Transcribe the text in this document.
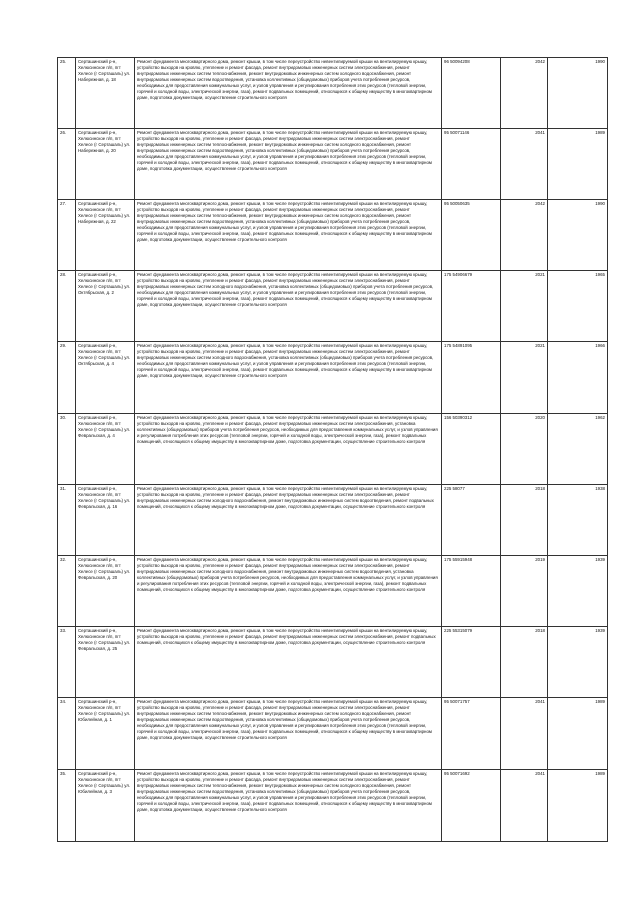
25.	Серташинский р-н, Хелюсинское п/п, пгт Хелесе (г Серташаль) ул. Набережная, д. 18	Ремонт фундамента многоквартирного дома, ремонт крыши, в том числе переустройство невентилируемой крыши на вентилируемую крышу, устройство выходов на кровлю, утепление и ремонт фасада, ремонт внутридомовых инженерных систем электроснабжения, ремонт внутридомовых инженерных систем теплоснабжения, ремонт внутридомовых инженерных систем холодного водоснабжения, ремонт внутридомовых инженерных систем водоотведения, установка коллективных (общедомовых) приборов учета потребления ресурсов, необходимых для предоставления коммунальных услуг, и узлов управления и регулирования потребления этих ресурсов (тепловой энергии, горячей и холодной воды, электрической энергии, газа), ремонт подвальных помещений, относящихся к общему имуществу в многоквартирном доме, подготовка документации, осуществление строительного контроля	96 50094208	2042	1990
26.	Серташинский р-н, Хелюсинское п/п, пгт Хелесе (г Серташаль) ул. Набережная, д. 20	Ремонт фундамента многоквартирного дома, ремонт крыши, в том числе переустройство невентилируемой крыши на вентилируемую крышу, устройство выходов на кровлю, утепление и ремонт фасада, ремонт внутридомовых инженерных систем электроснабжения, ремонт внутридомовых инженерных систем теплоснабжения, ремонт внутридомовых инженерных систем холодного водоснабжения, ремонт внутридомовых инженерных систем водоотведения, установка коллективных (общедомовых) приборов учета потребления ресурсов, необходимых для предоставления коммунальных услуг, и узлов управления и регулирования потребления этих ресурсов (тепловой энергии, горячей и холодной воды, электрической энергии, газа), ремонт подвальных помещений, относящихся к общему имуществу в многоквартирном доме, подготовка документации, осуществление строительного контроля	95 50071146	2041	1989
27.	Серташинский р-н, Хелюсинское п/п, пгт Хелесе (г Серташаль) ул. Набережная, д. 22	Ремонт фундамента многоквартирного дома, ремонт крыши, в том числе переустройство невентилируемой крыши на вентилируемую крышу, устройство выходов на кровлю, утепление и ремонт фасада, ремонт внутридомовых инженерных систем электроснабжения, ремонт внутридомовых инженерных систем теплоснабжения, ремонт внутридомовых инженерных систем холодного водоснабжения, ремонт внутридомовых инженерных систем водоотведения, установка коллективных (общедомовых) приборов учета потребления ресурсов, необходимых для предоставления коммунальных услуг, и узлов управления и регулирования потребления этих ресурсов (тепловой энергии, горячей и холодной воды, электрической энергии, газа), ремонт подвальных помещений, относящихся к общему имуществу в многоквартирном доме, подготовка документации, осуществление строительного контроля	95 50050635	2042	1990
28.	Серташинский р-н, Хелюсинское п/п, пгт Хелесе (г Серташаль) ул. Октябрьская, д. 2	Ремонт фундамента многоквартирного дома, ремонт крыши, в том числе переустройство невентилируемой крыши на вентилируемую крышу, устройство выходов на кровлю, утепление и ремонт фасада, ремонт внутридомовых инженерных систем электроснабжения, ремонт внутридомовых инженерных систем холодного водоснабжения, установка коллективных (общедомовых) приборов учета потребления ресурсов, необходимых для предоставления коммунальных услуг, и узлов управления и регулирования потребления этих ресурсов (тепловой энергии, горячей и холодной воды, электрической энергии, газа), ремонт подвальных помещений, относящихся к общему имуществу в многоквартирном доме, подготовка документации, осуществление строительного контроля	175 54906679	2021	1965
29.	Серташинский р-н, Хелюсинское п/п, пгт Хелесе (г Серташаль) ул. Октябрьская, д. 4	Ремонт фундамента многоквартирного дома, ремонт крыши, в том числе переустройство невентилируемой крыши на вентилируемую крышу, устройство выходов на кровлю, утепление и ремонт фасада, ремонт внутридомовых инженерных систем электроснабжения, ремонт внутридомовых инженерных систем холодного водоснабжения, установка коллективных (общедомовых) приборов учета потребления ресурсов, необходимых для предоставления коммунальных услуг, и узлов управления и регулирования потребления этих ресурсов (тепловой энергии, горячей и холодной воды, электрической энергии, газа), ремонт подвальных помещений, относящихся к общему имуществу в многоквартирном доме, подготовка документации, осуществление строительного контроля	175 54891095	2021	1966
30.	Серташинский р-н, Хелюсинское п/п, пгт Хелесе (г Серташаль) ул. Февральская, д. 4	Ремонт фундамента многоквартирного дома, ремонт крыши, в том числе переустройство невентилируемой крыши на вентилируемую крышу, устройство выходов на кровлю, утепление и ремонт фасада, ремонт внутридомовых инженерных систем электроснабжения, установка коллективных (общедомовых) приборов учета потребления ресурсов, необходимых для предоставления коммунальных услуг, и узлов управления и регулирования потребления этих ресурсов (тепловой энергии, горячей и холодной воды, электрической энергии, газа), ремонт подвальных помещений, относящихся к общему имуществу в многоквартирном доме, подготовка документации, осуществление строительного контроля	156 50390312	2020	1962
31.	Серташинский р-н, Хелюсинское п/п, пгт Хелесе (г Серташаль) ул. Февральская, д. 16	Ремонт фундамента многоквартирного дома, ремонт крыши, в том числе переустройство невентилируемой крыши на вентилируемую крышу, устройство выходов на кровлю, утепление и ремонт фасада, ремонт внутридомовых инженерных систем электроснабжения, ремонт внутридомовых инженерных систем холодного водоснабжения, ремонт внутридомовых инженерных систем водоотведения, ремонт подвальных помещений, относящихся к общему имуществу в многоквартирном доме, подготовка документации, осуществление строительного контроля	225 58077	2018	1938
32.	Серташинский р-н, Хелюсинское п/п, пгт Хелесе (г Серташаль) ул. Февральская, д. 20	Ремонт фундамента многоквартирного дома, ремонт крыши, в том числе переустройство невентилируемой крыши на вентилируемую крышу, устройство выходов на кровлю, утепление и ремонт фасада, ремонт внутридомовых инженерных систем электроснабжения, ремонт внутридомовых инженерных систем холодного водоснабжения, ремонт внутридомовых инженерных систем водоотведения, установка коллективных (общедомовых) приборов учета потребления ресурсов, необходимых для предоставления коммунальных услуг, и узлов управления и регулирования потребления этих ресурсов (тепловой энергии, горячей и холодной воды, электрической энергии, газа), ремонт подвальных помещений, относящихся к общему имуществу в многоквартирном доме, подготовка документации, осуществление строительного контроля	175 55915948	2019	1939
33.	Серташинский р-н, Хелюсинское п/п, пгт Хелесе (г Серташаль) ул. Февральская, д. 25	Ремонт фундамента многоквартирного дома, ремонт крыши, в том числе переустройство невентилируемой крыши на вентилируемую крышу, устройство выходов на кровлю, утепление и ремонт фасада, ремонт внутридомовых инженерных систем электроснабжения, ремонт подвальных помещений, относящихся к общему имуществу в многоквартирном доме, подготовка документации, осуществление строительного контроля	225 55315079	2018	1939
34.	Серташинский р-н, Хелюсинское п/п, пгт Хелесе (г Серташаль) ул. Юбилейная, д. 1	Ремонт фундамента многоквартирного дома, ремонт крыши, в том числе переустройство невентилируемой крыши на вентилируемую крышу, устройство выходов на кровлю, утепление и ремонт фасада, ремонт внутридомовых инженерных систем электроснабжения, ремонт внутридомовых инженерных систем теплоснабжения, ремонт внутридомовых инженерных систем холодного водоснабжения, ремонт внутридомовых инженерных систем водоотведения, установка коллективных (общедомовых) приборов учета потребления ресурсов, необходимых для предоставления коммунальных услуг, и узлов управления и регулирования потребления этих ресурсов (тепловой энергии, горячей и холодной воды, электрической энергии, газа), ремонт подвальных помещений, относящихся к общему имуществу в многоквартирном доме, подготовка документации, осуществление строительного контроля	95 50071757	2041	1989
35.	Серташинский р-н, Хелюсинское п/п, пгт Хелесе (г Серташаль) ул. Юбилейная, д. 3	Ремонт фундамента многоквартирного дома, ремонт крыши, в том числе переустройство невентилируемой крыши на вентилируемую крышу, устройство выходов на кровлю, утепление и ремонт фасада, ремонт внутридомовых инженерных систем электроснабжения, ремонт внутридомовых инженерных систем теплоснабжения, ремонт внутридомовых инженерных систем холодного водоснабжения, ремонт внутридомовых инженерных систем водоотведения, установка коллективных (общедомовых) приборов учета потребления ресурсов, необходимых для предоставления коммунальных услуг, и узлов управления и регулирования потребления этих ресурсов (тепловой энергии, горячей и холодной воды, электрической энергии, газа), ремонт подвальных помещений, относящихся к общему имуществу в многоквартирном доме, подготовка документации, осуществление строительного контроля	95 50071692	2041	1989
